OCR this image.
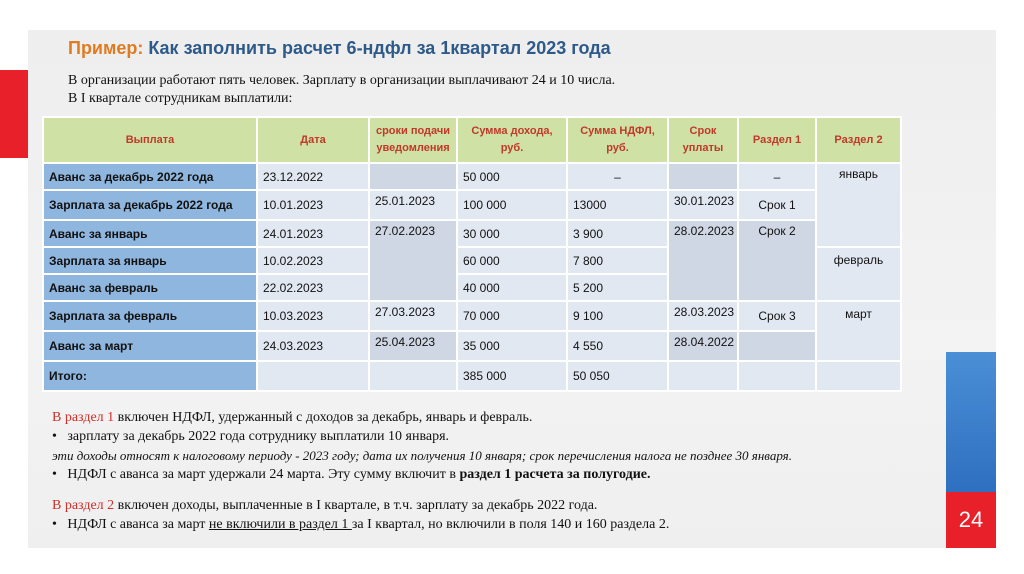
24
Пример: Как заполнить расчет 6-ндфл за 1квартал 2023 года
В организации работают пять человек. Зарплату в организации выплачивают 24 и 10 числа.
В I квартале сотрудникам выплатили:
Выплата	Дата	сроки подачи уведомления	Сумма дохода, руб.	Сумма НДФЛ, руб.	Срок уплаты	Раздел 1	Раздел 2
Аванс за декабрь 2022 года	23.12.2022		50 000	–		–	январь
Зарплата за декабрь 2022 года	10.01.2023	25.01.2023	100 000	13000	30.01.2023	Срок 1	
Аванс за январь	24.01.2023	27.02.2023	30 000	3 900	28.02.2023	Срок 2	
Зарплата за январь	10.02.2023		60 000	7 800			февраль
Аванс за февраль	22.02.2023		40 000	5 200			
Зарплата за февраль	10.03.2023	27.03.2023	70 000	9 100	28.03.2023	Срок 3	март
Аванс за март	24.03.2023	25.04.2023	35 000	4 550	28.04.2022		
Итого:			385 000	50 050			
В раздел 1 включен НДФЛ, удержанный с доходов за декабрь, январь и февраль.
•   зарплату за декабрь 2022 года сотруднику выплатили 10 января.
эти доходы относят к налоговому периоду - 2023 году; дата их получения 10 января; срок перечисления налога не позднее 30 января.
•   НДФЛ с аванса за март удержали 24 марта. Эту сумму включит в раздел 1 расчета за полугодие.
В раздел 2 включен доходы, выплаченные в I квартале, в т.ч. зарплату за декабрь 2022 года.
•   НДФЛ с аванса за март не включили в раздел 1 за I квартал, но включили в поля 140 и 160 раздела 2.
